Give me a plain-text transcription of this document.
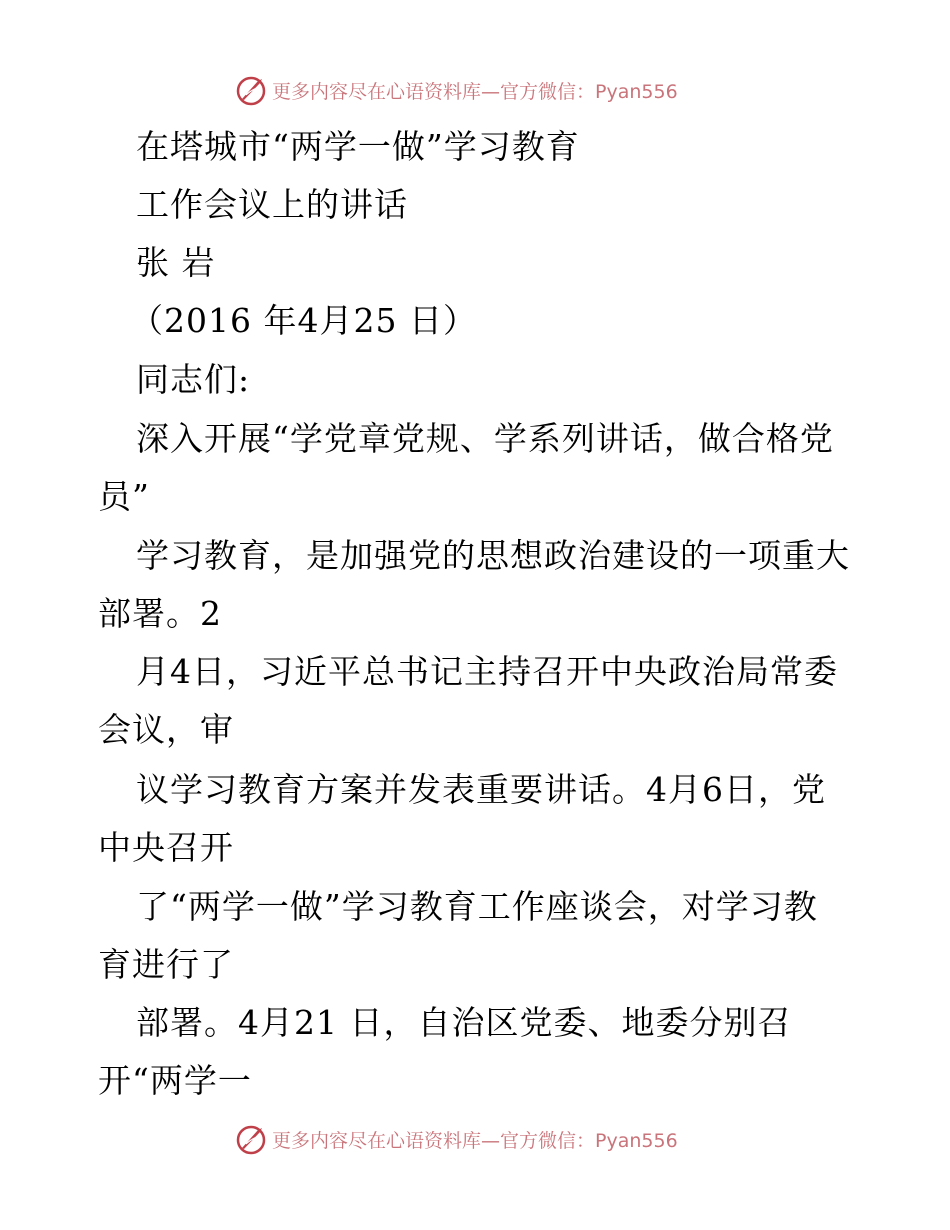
更多内容尽在心语资料库—官方微信：Pyan556
在塔城市“两学一做”学习教育
工作会议上的讲话
张 岩
（2016 年4月25 日）
同志们:
深入开展“学党章党规、学系列讲话，做合格党
员”
学习教育，是加强党的思想政治建设的一项重大
部署。2
月4日，习近平总书记主持召开中央政治局常委
会议，审
议学习教育方案并发表重要讲话。4月6日，党
中央召开
了“两学一做”学习教育工作座谈会，对学习教
育进行了
部署。4月21 日，自治区党委、地委分别召
开“两学一
更多内容尽在心语资料库—官方微信：Pyan556
